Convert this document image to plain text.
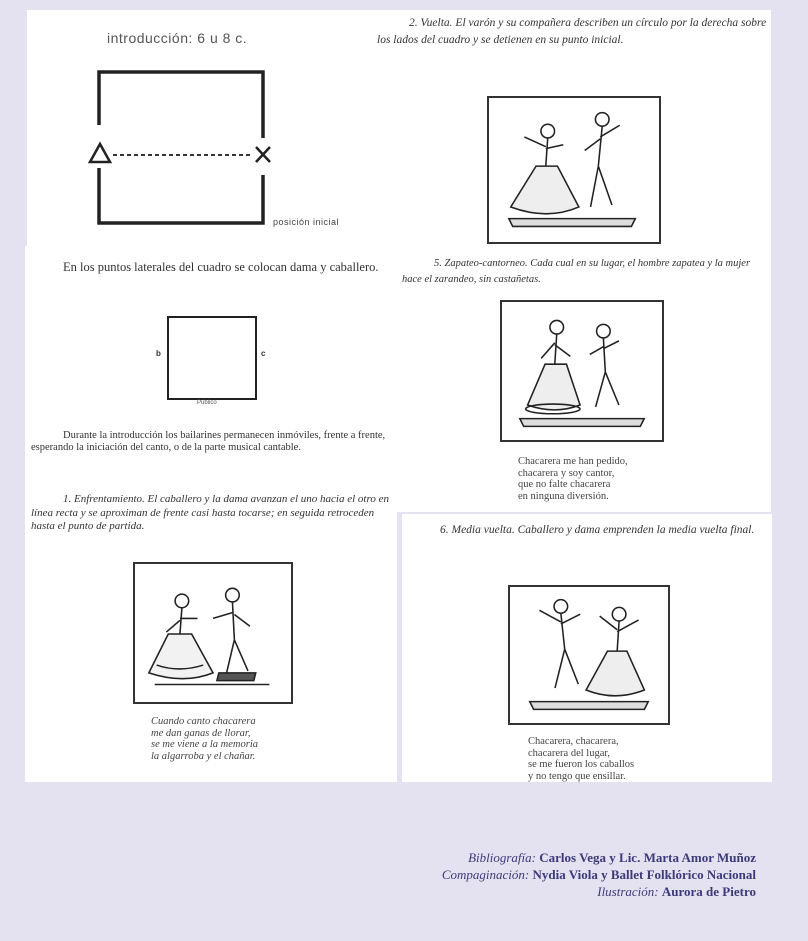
introducción: 6 u 8 c.

posición inicial

En los puntos laterales del cuadro se colocan dama y caballero.

b	c
Público

Durante la introducción los bailarines permanecen inmóviles, frente a frente, esperando la iniciación del canto, o de la parte musical cantable.

1. Enfrentamiento. El caballero y la dama avanzan el uno hacia el otro en línea recta y se aproximan de frente casi hasta tocarse; en seguida retroceden hasta el punto de partida.

Cuando canto chacarera
me dan ganas de llorar,
se me viene a la memoria
la algarroba y el chañar.

2. Vuelta. El varón y su compañera describen un círculo por la derecha sobre los lados del cuadro y se detienen en su punto inicial.

5. Zapateo-cantorneo. Cada cual en su lugar, el hombre zapatea y la mujer hace el zarandeo, sin castañetas.

Chacarera me han pedido,
chacarera y soy cantor,
que no falte chacarera
en ninguna diversión.

6. Media vuelta. Caballero y dama emprenden la media vuelta final.

Chacarera, chacarera,
chacarera del lugar,
se me fueron los caballos
y no tengo que ensillar.
Bibliografía: Carlos Vega y Lic. Marta Amor Muñoz
Compaginación: Nydia Viola y Ballet Folklórico Nacional
Ilustración: Aurora de Pietro
